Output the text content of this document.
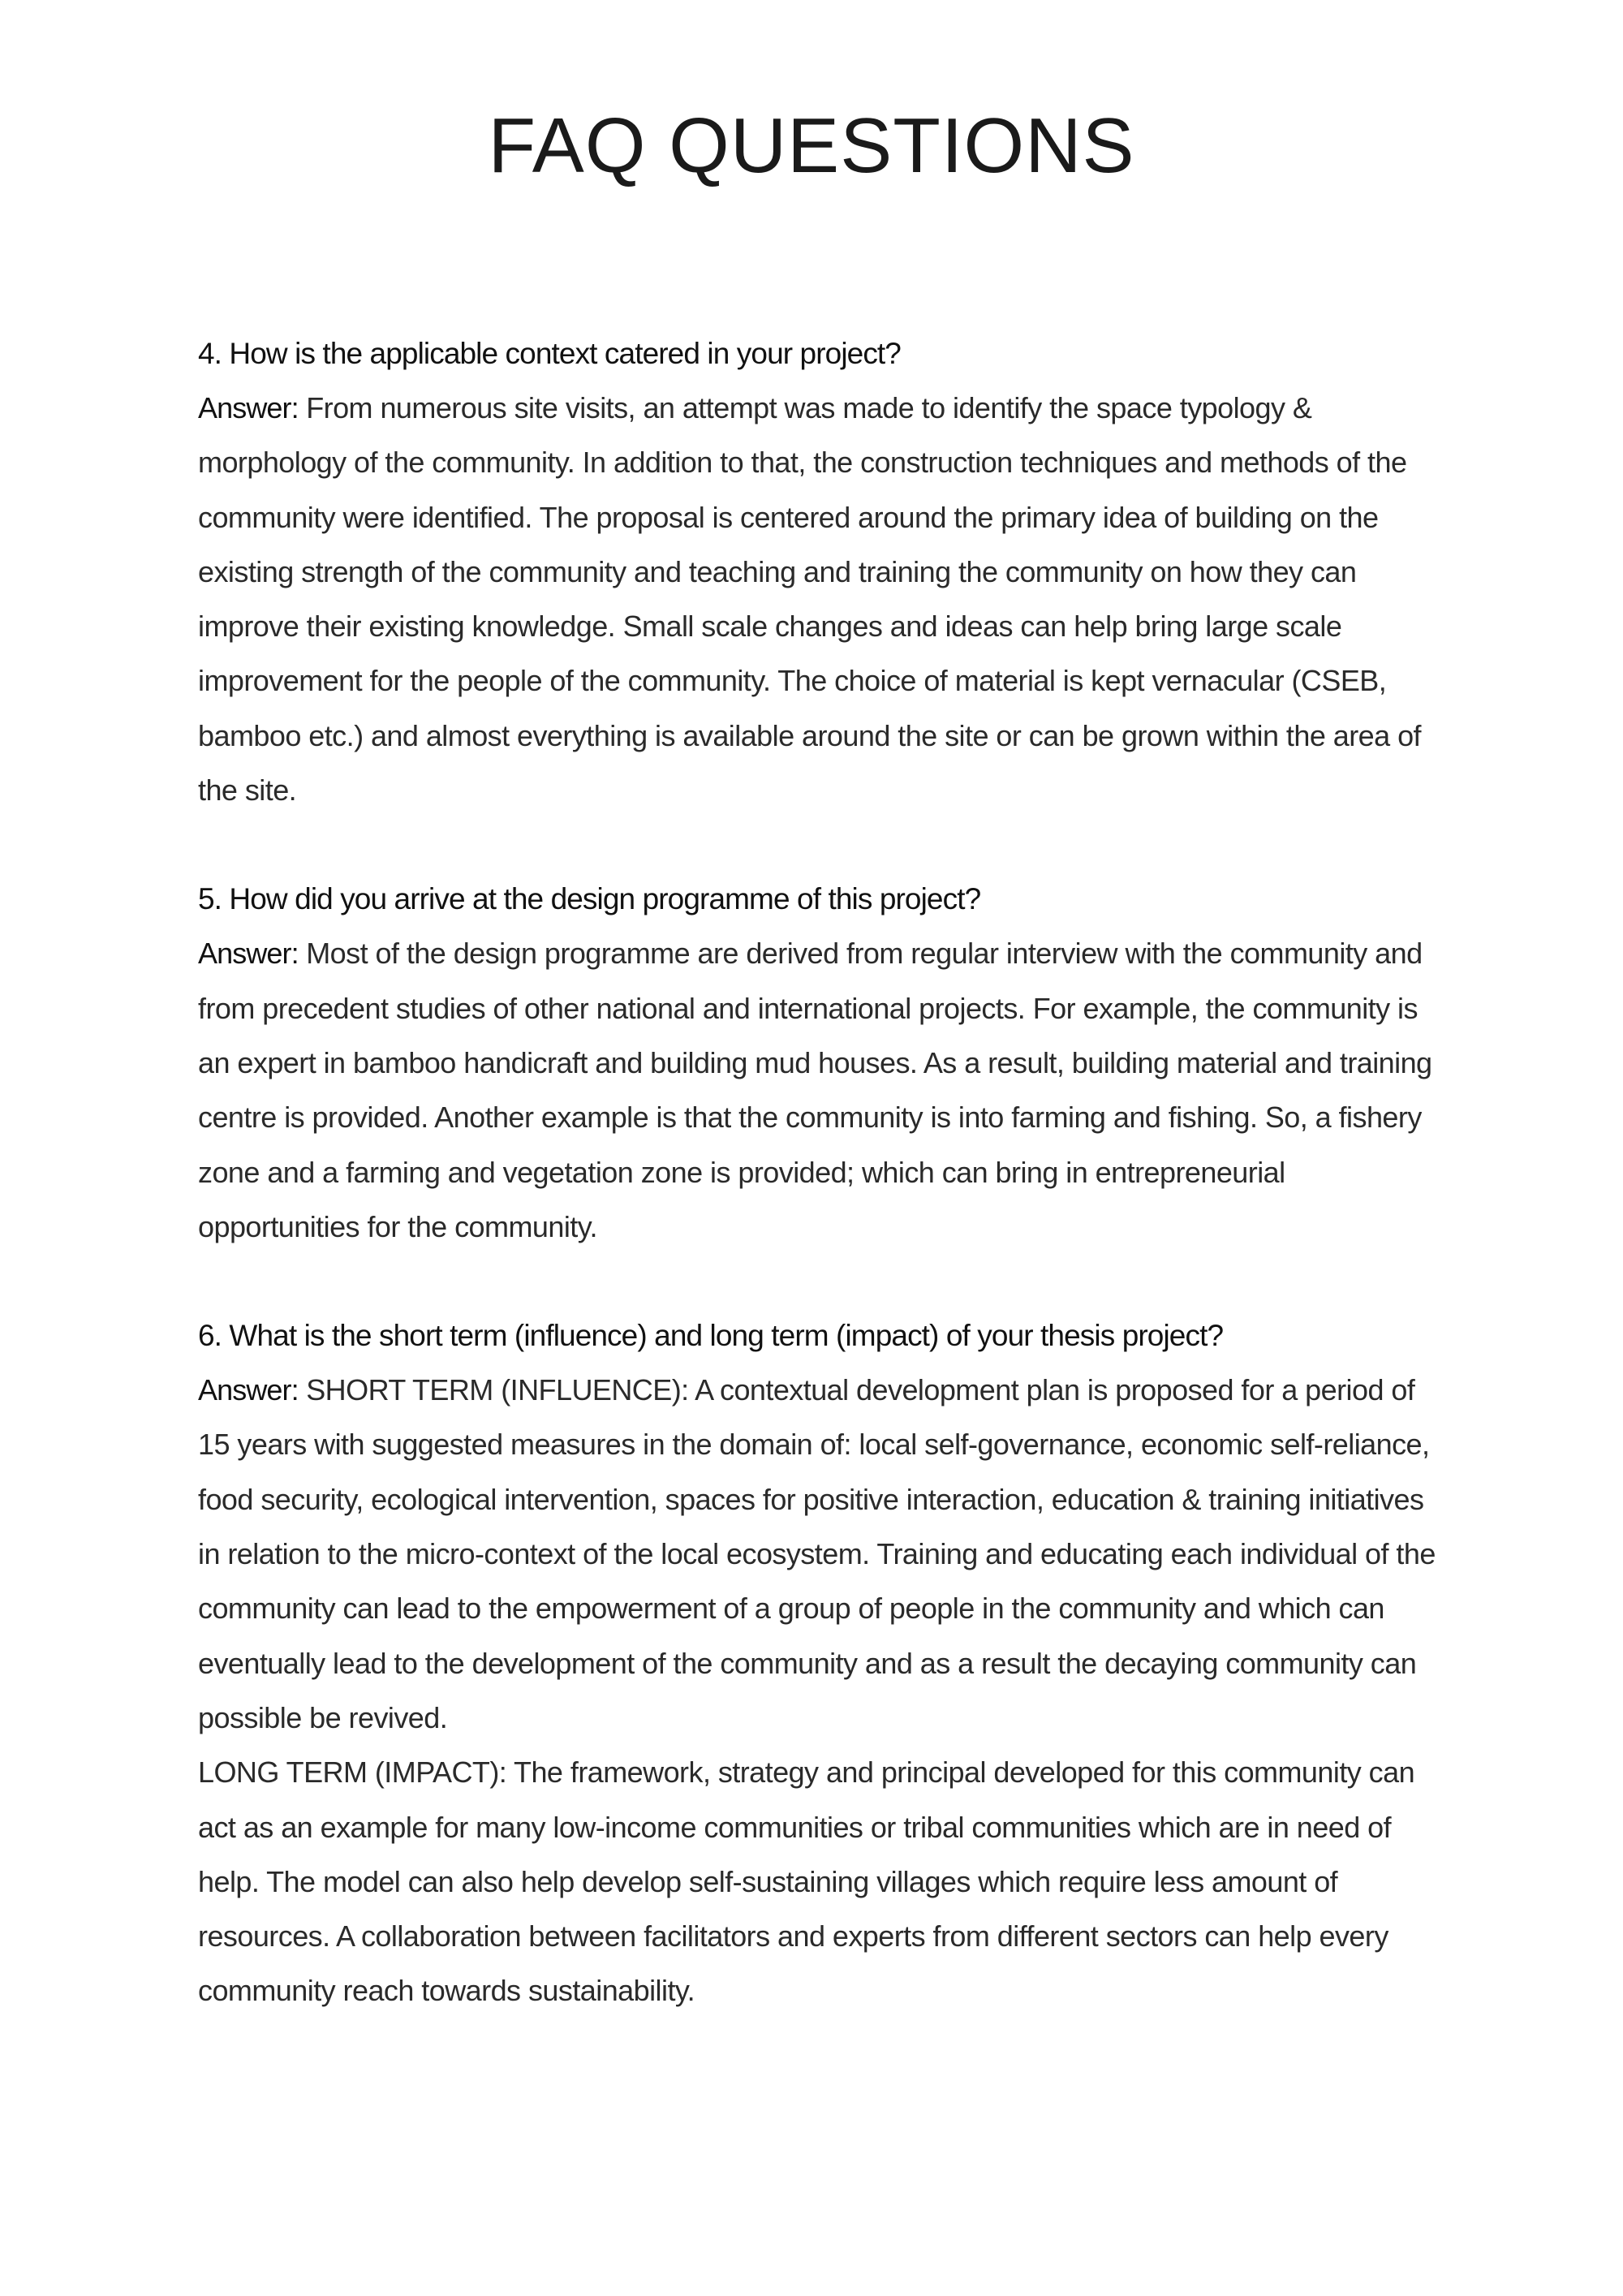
FAQ QUESTIONS

4. How is the applicable context catered in your project?

Answer: From numerous site visits, an attempt was made to identify the space typology & morphology of the community. In addition to that, the construction techniques and methods of the community were identified. The proposal is centered around the primary idea of building on the existing strength of the community and teaching and training the community on how they can improve their existing knowledge. Small scale changes and ideas can help bring large scale improvement for the people of the community. The choice of material is kept vernacular (CSEB, bamboo etc.) and almost everything is available around the site or can be grown within the area of the site.

5. How did you arrive at the design programme of this project?

Answer: Most of the design programme are derived from regular interview with the community and from precedent studies of other national and international projects. For example, the community is an expert in bamboo handicraft and building mud houses. As a result, building material and training centre is provided. Another example is that the community is into farming and fishing. So, a fishery zone and a farming and vegetation zone is provided; which can bring in entrepreneurial opportunities for the community.

6. What is the short term (influence) and long term (impact) of your thesis project?

Answer: SHORT TERM (INFLUENCE): A contextual development plan is proposed for a period of 15 years with suggested measures in the domain of: local self-governance, economic self-reliance, food security, ecological intervention, spaces for positive interaction, education & training initiatives in relation to the micro-context of the local ecosystem. Training and educating each individual of the community can lead to the empowerment of a group of people in the community and which can eventually lead to the development of the community and as a result the decaying community can possible be revived.
LONG TERM (IMPACT): The framework, strategy and principal developed for this community can act as an example for many low-income communities or tribal communities which are in need of help. The model can also help develop self-sustaining villages which require less amount of resources. A collaboration between facilitators and experts from different sectors can help every community reach towards sustainability.
